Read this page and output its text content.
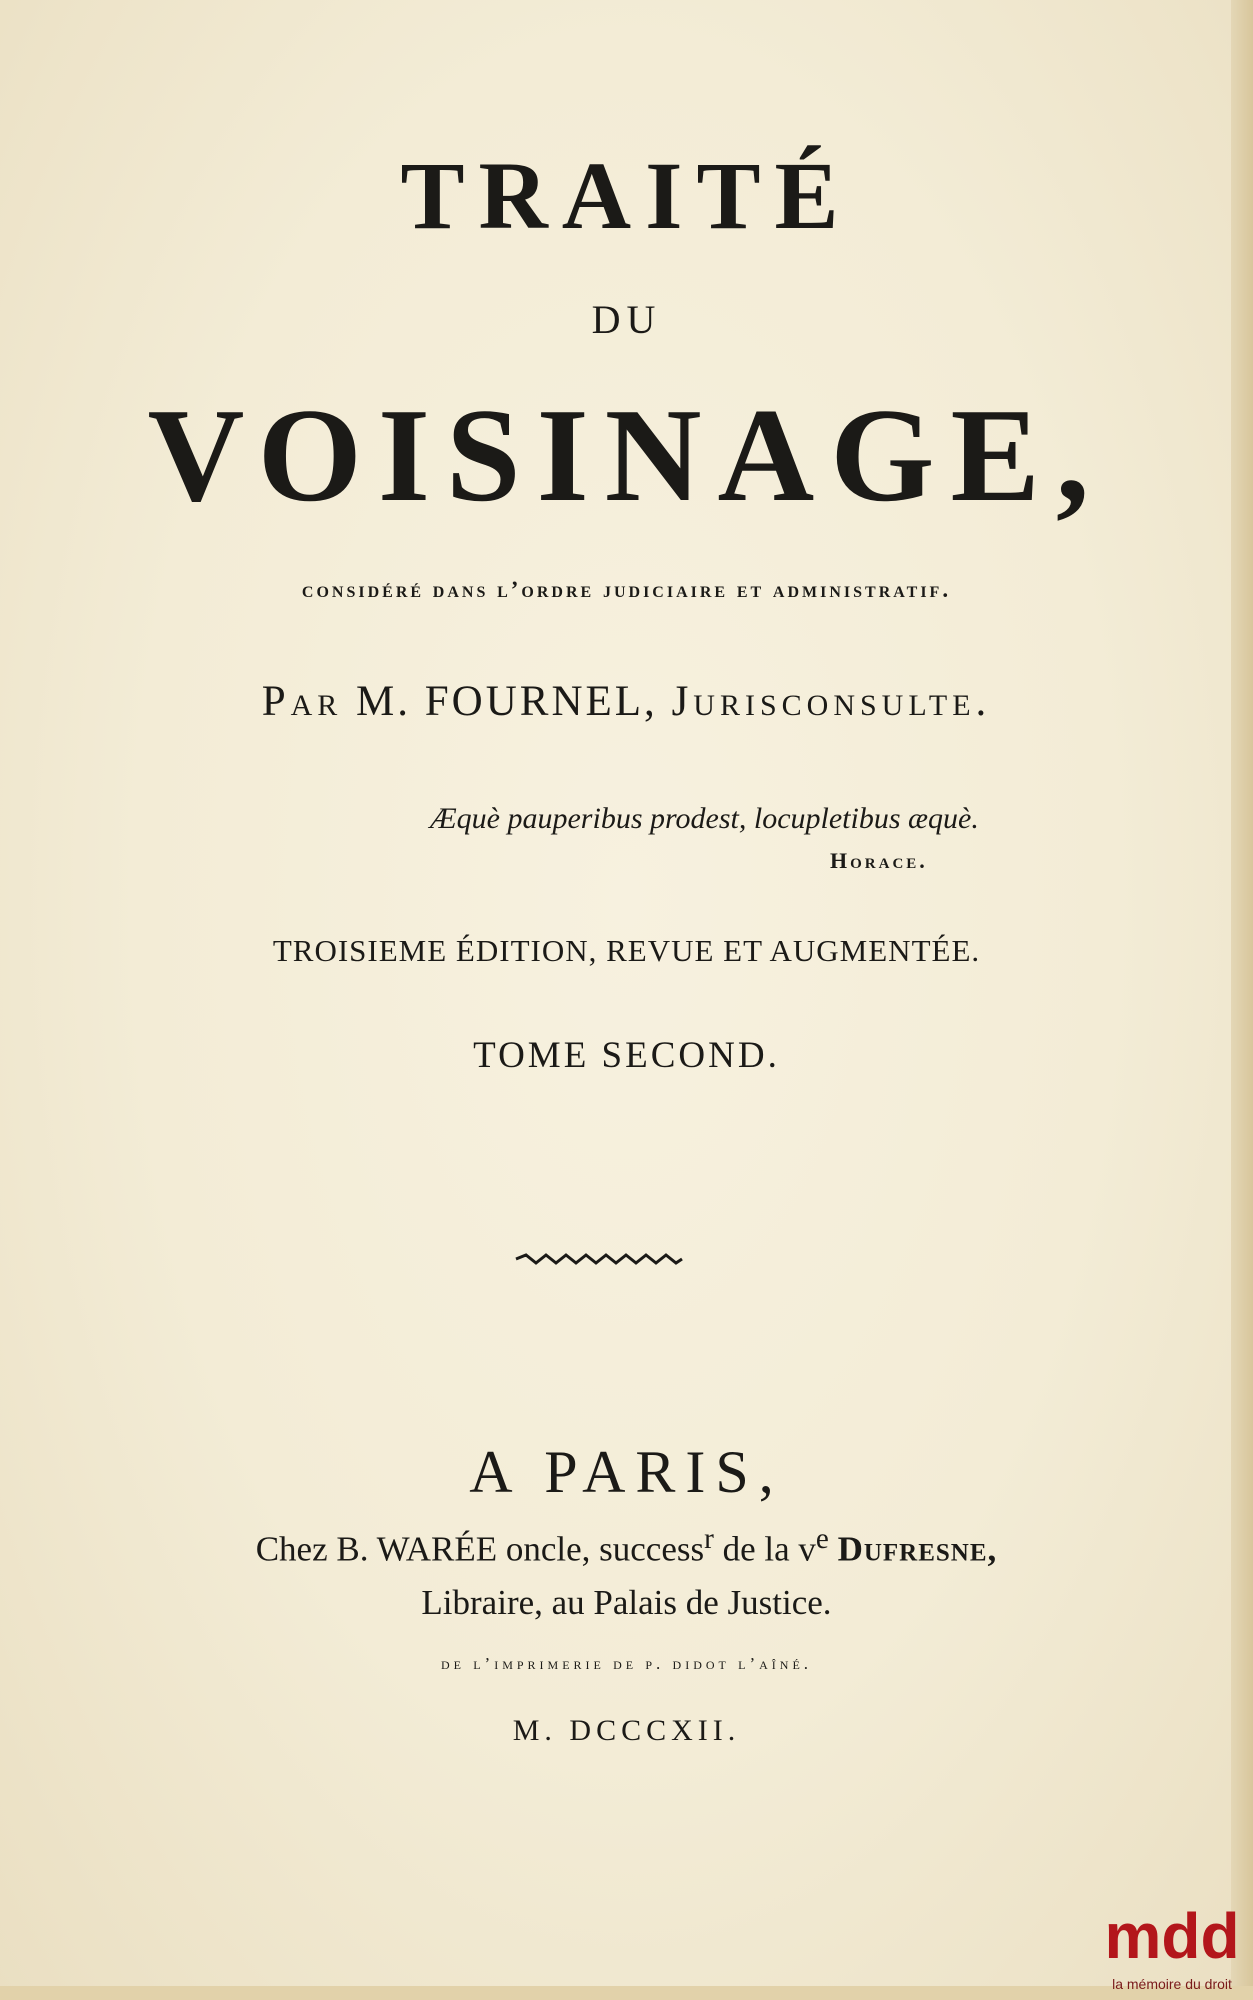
TRAITÉ
DU
VOISINAGE,
considéré dans l’ordre judiciaire et administratif.
Par M. FOURNEL, Jurisconsulte.
Æquè pauperibus prodest, locupletibus æquè.
Horace.
TROISIEME ÉDITION, REVUE ET AUGMENTÉE.
TOME SECOND.
A PARIS,
Chez B. WARÉE oncle, success$^r$ de la $v^e$ Dufresne,
Libraire, au Palais de Justice.
de l’imprimerie de p. didot l’aîné.
M. DCCCXII.
mdd
la mémoire du droit
